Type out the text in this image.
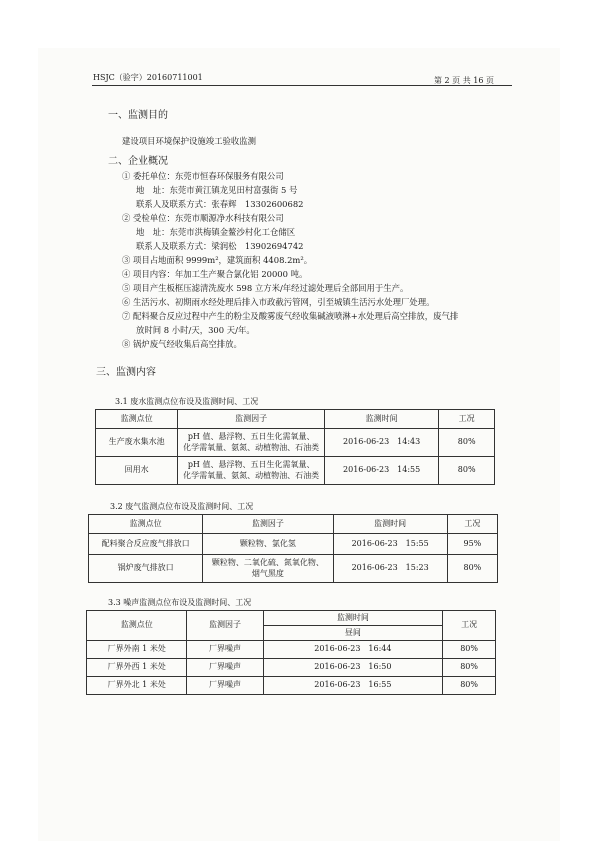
HSJC（验字）20160711001	第 2 页 共 16 页
一、监测目的
建设项目环境保护设施竣工验收监测
二、企业概况
① 委托单位：东莞市恒春环保服务有限公司
地　址：东莞市黄江镇龙见田村富强街 5 号
联系人及联系方式：张春辉　13302600682
② 受检单位：东莞市顺源净水科技有限公司
地　址：东莞市洪梅镇金鳌沙村化工仓储区
联系人及联系方式：梁润松　13902694742
③ 项目占地面积 9999m²，建筑面积 4408.2m²。
④ 项目内容：年加工生产聚合氯化铝 20000 吨。
⑤ 项目产生板框压滤清洗废水 598 立方米/年经过滤处理后全部回用于生产。
⑥ 生活污水、初期雨水经处理后排入市政截污管网，引至城镇生活污水处理厂处理。
⑦ 配料聚合反应过程中产生的粉尘及酸雾废气经收集碱液喷淋+水处理后高空排放，废气排
放时间 8 小时/天，300 天/年。
⑧ 锅炉废气经收集后高空排放。
三、监测内容
3.1 废水监测点位布设及监测时间、工况
监测点位	监测因子	监测时间	工况
生产废水集水池	pH 值、悬浮物、五日生化需氧量、
化学需氧量、氨氮、动植物油、石油类	2016-06-23　14:43	80%
回用水	pH 值、悬浮物、五日生化需氧量、
化学需氧量、氨氮、动植物油、石油类	2016-06-23　14:55	80%
3.2 废气监测点位布设及监测时间、工况
监测点位	监测因子	监测时间	工况
配料聚合反应废气排放口	颗粒物、氯化氢	2016-06-23　15:55	95%
锅炉废气排放口	颗粒物、二氧化硫、氮氧化物、
烟气黑度	2016-06-23　15:23	80%
3.3 噪声监测点位布设及监测时间、工况
监测点位	监测因子	监测时间	工况
		昼间	
厂界外南 1 米处	厂界噪声	2016-06-23　16:44	80%
厂界外西 1 米处	厂界噪声	2016-06-23　16:50	80%
厂界外北 1 米处	厂界噪声	2016-06-23　16:55	80%
